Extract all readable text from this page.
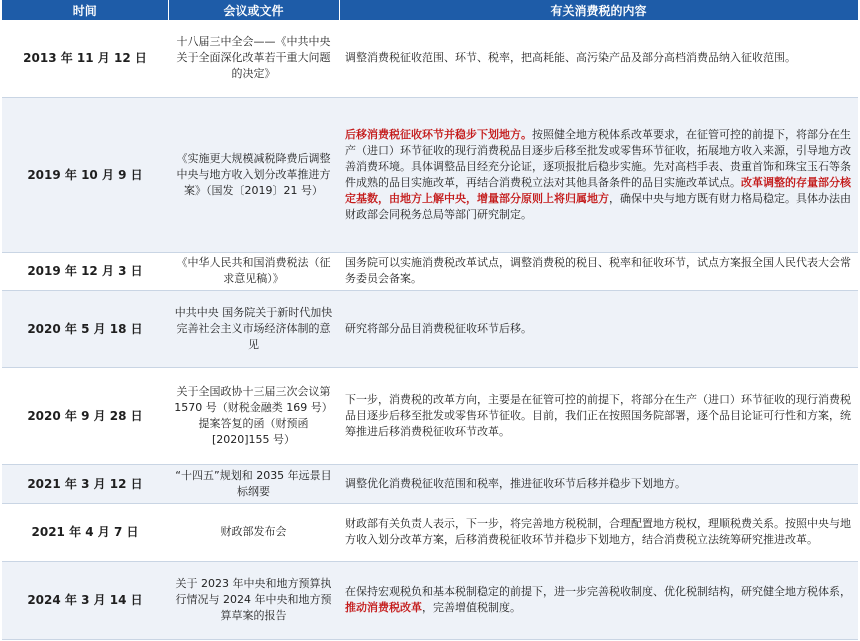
时间	会议或文件	有关消费税的内容
2013 年 11 月 12 日	十八届三中全会——《中共中央关于全面深化改革若干重大问题的决定》	调整消费税征收范围、环节、税率，把高耗能、高污染产品及部分高档消费品纳入征收范围。
2019 年 10 月 9 日	《实施更大规模减税降费后调整中央与地方收入划分改革推进方案》（国发〔2019〕21 号）	后移消费税征收环节并稳步下划地方。按照健全地方税体系改革要求，在征管可控的前提下，将部分在生产（进口）环节征收的现行消费税品目逐步后移至批发或零售环节征收，拓展地方收入来源，引导地方改善消费环境。具体调整品目经充分论证，逐项报批后稳步实施。先对高档手表、贵重首饰和珠宝玉石等条件成熟的品目实施改革，再结合消费税立法对其他具备条件的品目实施改革试点。改革调整的存量部分核定基数，由地方上解中央，增量部分原则上将归属地方，确保中央与地方既有财力格局稳定。具体办法由财政部会同税务总局等部门研究制定。
2019 年 12 月 3 日	《中华人民共和国消费税法（征求意见稿）》	国务院可以实施消费税改革试点，调整消费税的税目、税率和征收环节，试点方案报全国人民代表大会常务委员会备案。
2020 年 5 月 18 日	中共中央 国务院关于新时代加快完善社会主义市场经济体制的意见	研究将部分品目消费税征收环节后移。
2020 年 9 月 28 日	关于全国政协十三届三次会议第 1570 号（财税金融类 169 号）提案答复的函（财预函[2020]155 号）	下一步，消费税的改革方向，主要是在征管可控的前提下，将部分在生产（进口）环节征收的现行消费税品目逐步后移至批发或零售环节征收。目前，我们正在按照国务院部署，逐个品目论证可行性和方案，统筹推进后移消费税征收环节改革。
2021 年 3 月 12 日	“十四五”规划和 2035 年远景目标纲要	调整优化消费税征收范围和税率，推进征收环节后移并稳步下划地方。
2021 年 4 月 7 日	财政部发布会	财政部有关负责人表示，下一步，将完善地方税税制，合理配置地方税权，理顺税费关系。按照中央与地方收入划分改革方案，后移消费税征收环节并稳步下划地方，结合消费税立法统筹研究推进改革。
2024 年 3 月 14 日	关于 2023 年中央和地方预算执行情况与 2024 年中央和地方预算草案的报告	在保持宏观税负和基本税制稳定的前提下，进一步完善税收制度、优化税制结构，研究健全地方税体系，推动消费税改革，完善增值税制度。
